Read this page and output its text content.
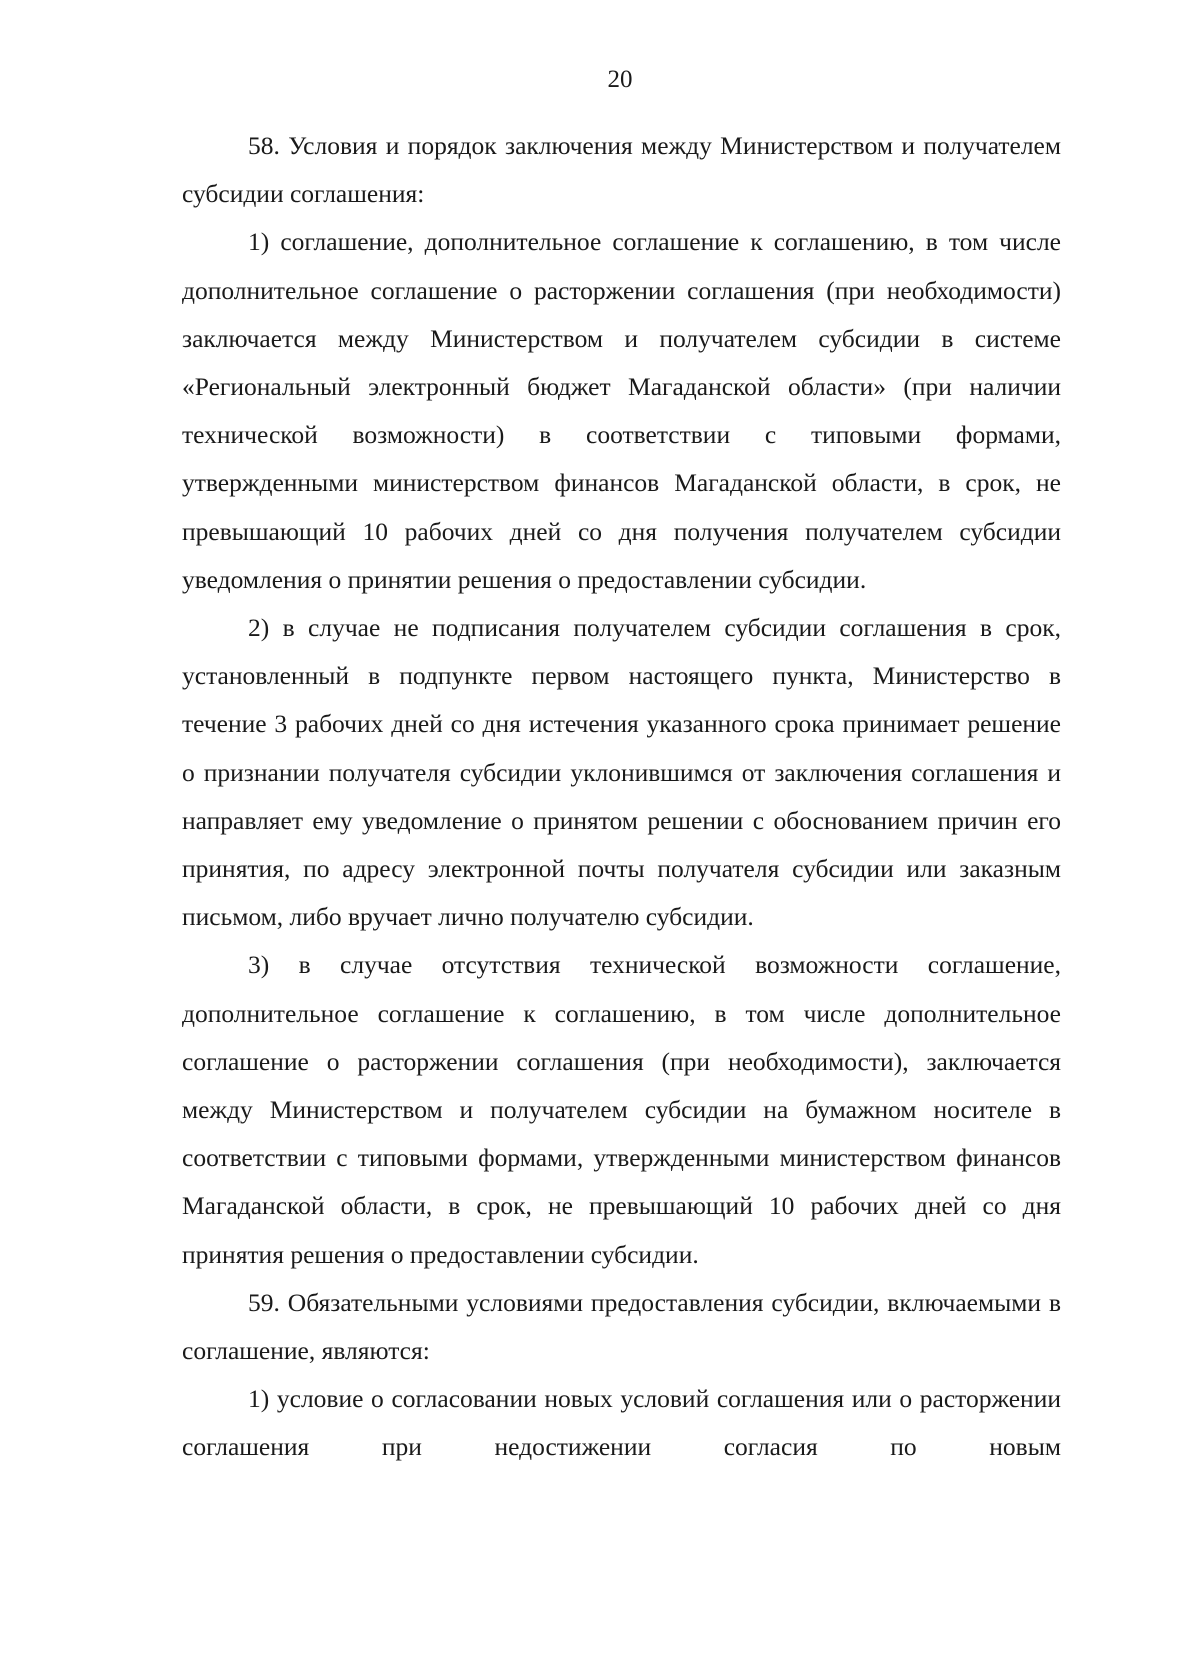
20

58. Условия и порядок заключения между Министерством и получателем субсидии соглашения:

1) соглашение, дополнительное соглашение к соглашению, в том числе дополнительное соглашение о расторжении соглашения (при необходимости) заключается между Министерством и получателем субсидии в системе «Региональный электронный бюджет Магаданской области» (при наличии технической возможности) в соответствии с типовыми формами, утвержденными министерством финансов Магаданской области, в срок, не превышающий 10 рабочих дней со дня получения получателем субсидии уведомления о принятии решения о предоставлении субсидии.

2) в случае не подписания получателем субсидии соглашения в срок, установленный в подпункте первом настоящего пункта, Министерство в течение 3 рабочих дней со дня истечения указанного срока принимает решение о признании получателя субсидии уклонившимся от заключения соглашения и направляет ему уведомление о принятом решении с обоснованием причин его принятия, по адресу электронной почты получателя субсидии или заказным письмом, либо вручает лично получателю субсидии.

3) в случае отсутствия технической возможности соглашение, дополнительное соглашение к соглашению, в том числе дополнительное соглашение о расторжении соглашения (при необходимости), заключается между Министерством и получателем субсидии на бумажном носителе в соответствии с типовыми формами, утвержденными министерством финансов Магаданской области, в срок, не превышающий 10 рабочих дней со дня принятия решения о предоставлении субсидии.

59. Обязательными условиями предоставления субсидии, включаемыми в соглашение, являются:

1) условие о согласовании новых условий соглашения или о расторжении соглашения при недостижении согласия по новым
